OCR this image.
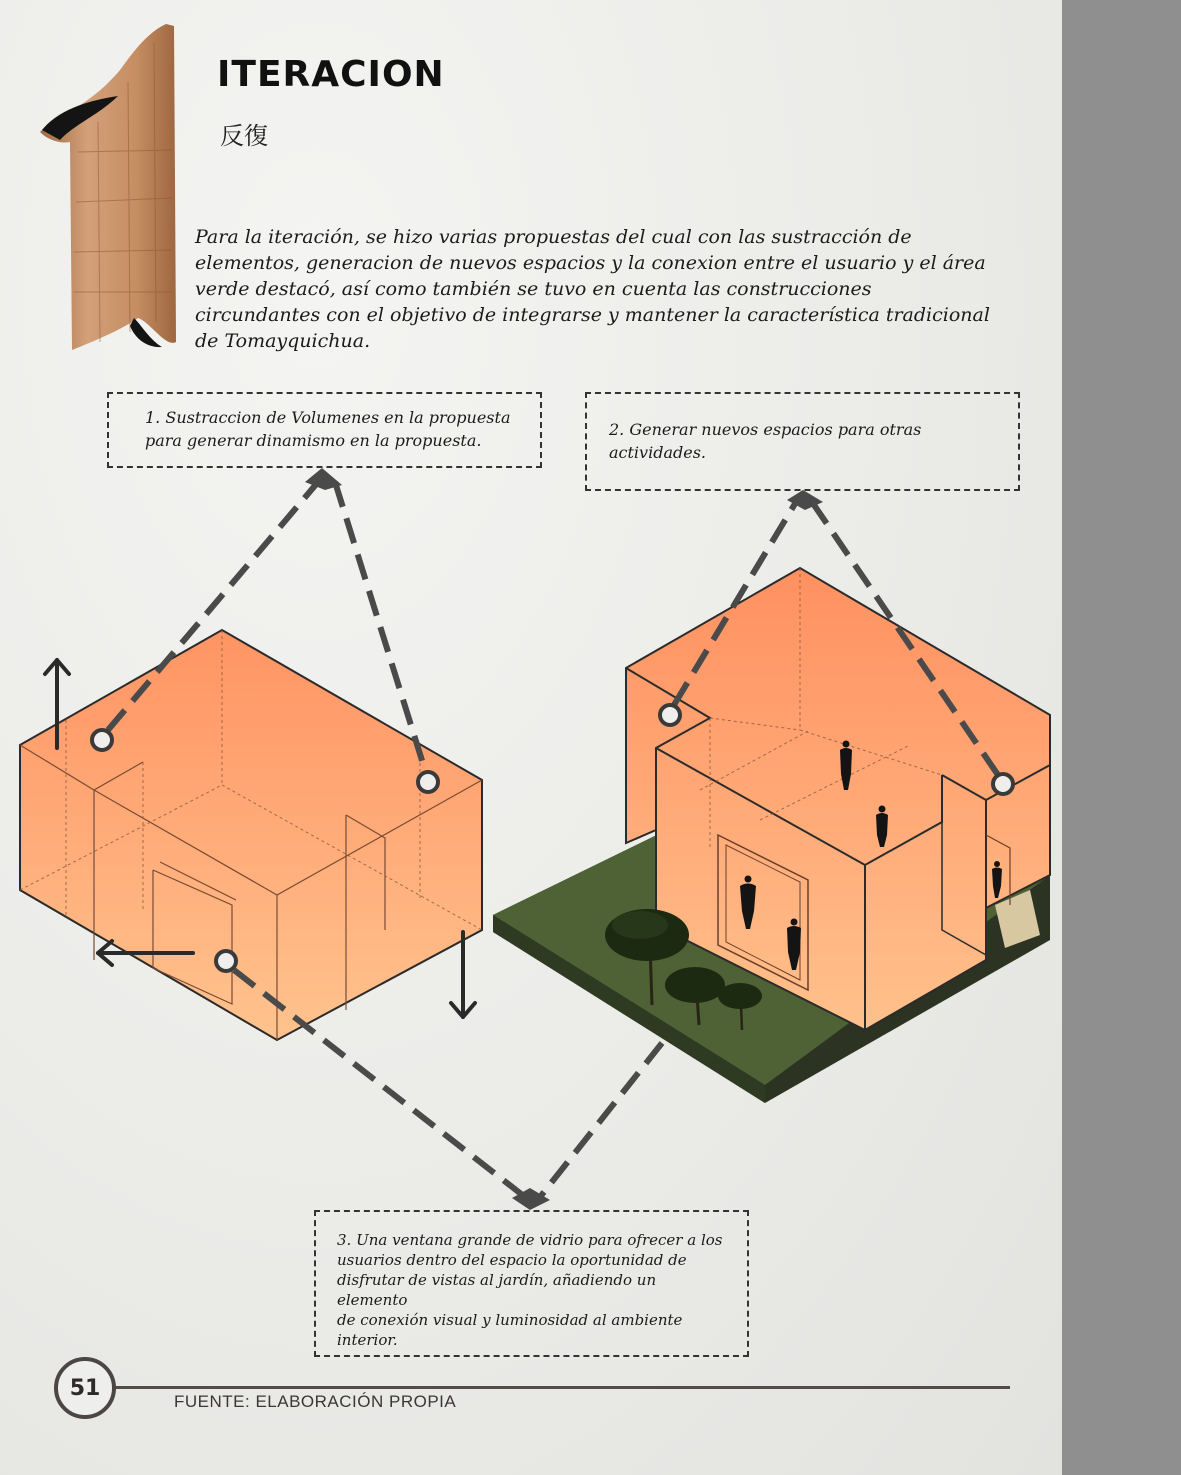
ITERACION
反復

Para la iteración, se hizo varias propuestas del cual con las sustracción de elementos, generacion de nuevos espacios y la conexion entre el usuario y el área verde destacó, así como también se tuvo en cuenta las construcciones circundantes con el objetivo de integrarse y mantener la característica tradicional de Tomayquichua.

1. Sustraccion de Volumenes en la propuesta
para generar dinamismo en la propuesta.
2. Generar nuevos espacios para otras
actividades.
3. Una ventana grande de vidrio para ofrecer a los
usuarios dentro del espacio la oportunidad de
disfrutar de vistas al jardín, añadiendo un elemento
de conexión visual y luminosidad al ambiente
interior.
51
FUENTE: ELABORACIÓN PROPIA
